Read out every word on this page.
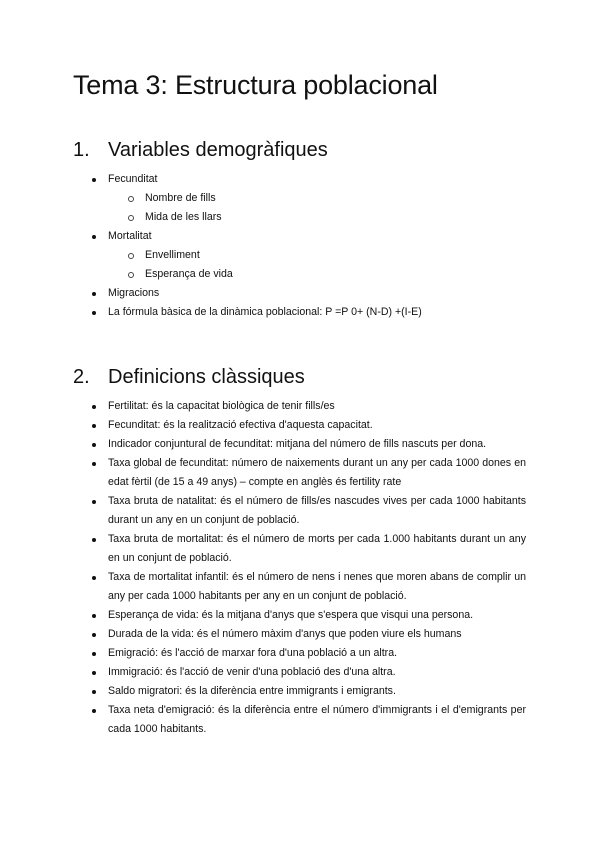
Tema 3: Estructura poblacional
1. Variables demogràfiques
Fecunditat
Nombre de fills
Mida de les llars
Mortalitat
Envelliment
Esperança de vida
Migracions
La fórmula bàsica de la dinàmica poblacional: P =P 0+ (N-D) +(I-E)
2. Definicions clàssiques
Fertilitat: és la capacitat biològica de tenir fills/es
Fecunditat: és la realització efectiva d'aquesta capacitat.
Indicador conjuntural de fecunditat: mitjana del número de fills nascuts per dona.
Taxa global de fecunditat: número de naixements durant un any per cada 1000 dones en edat fèrtil (de 15 a 49 anys) – compte en anglès és fertility rate
Taxa bruta de natalitat: és el número de fills/es nascudes vives per cada 1000 habitants durant un any en un conjunt de població.
Taxa bruta de mortalitat: és el número de morts per cada 1.000 habitants durant un any en un conjunt de població.
Taxa de mortalitat infantil: és el número de nens i nenes que moren abans de complir un any per cada 1000 habitants per any en un conjunt de població.
Esperança de vida: és la mitjana d'anys que s'espera que visqui una persona.
Durada de la vida: és el número màxim d'anys que poden viure els humans
Emigració: és l'acció de marxar fora d'una població a un altra.
Immigració: és l'acció de venir d'una població des d'una altra.
Saldo migratori: és la diferència entre immigrants i emigrants.
Taxa neta d'emigració: és la diferència entre el número d'immigrants i el d'emigrants per cada 1000 habitants.
